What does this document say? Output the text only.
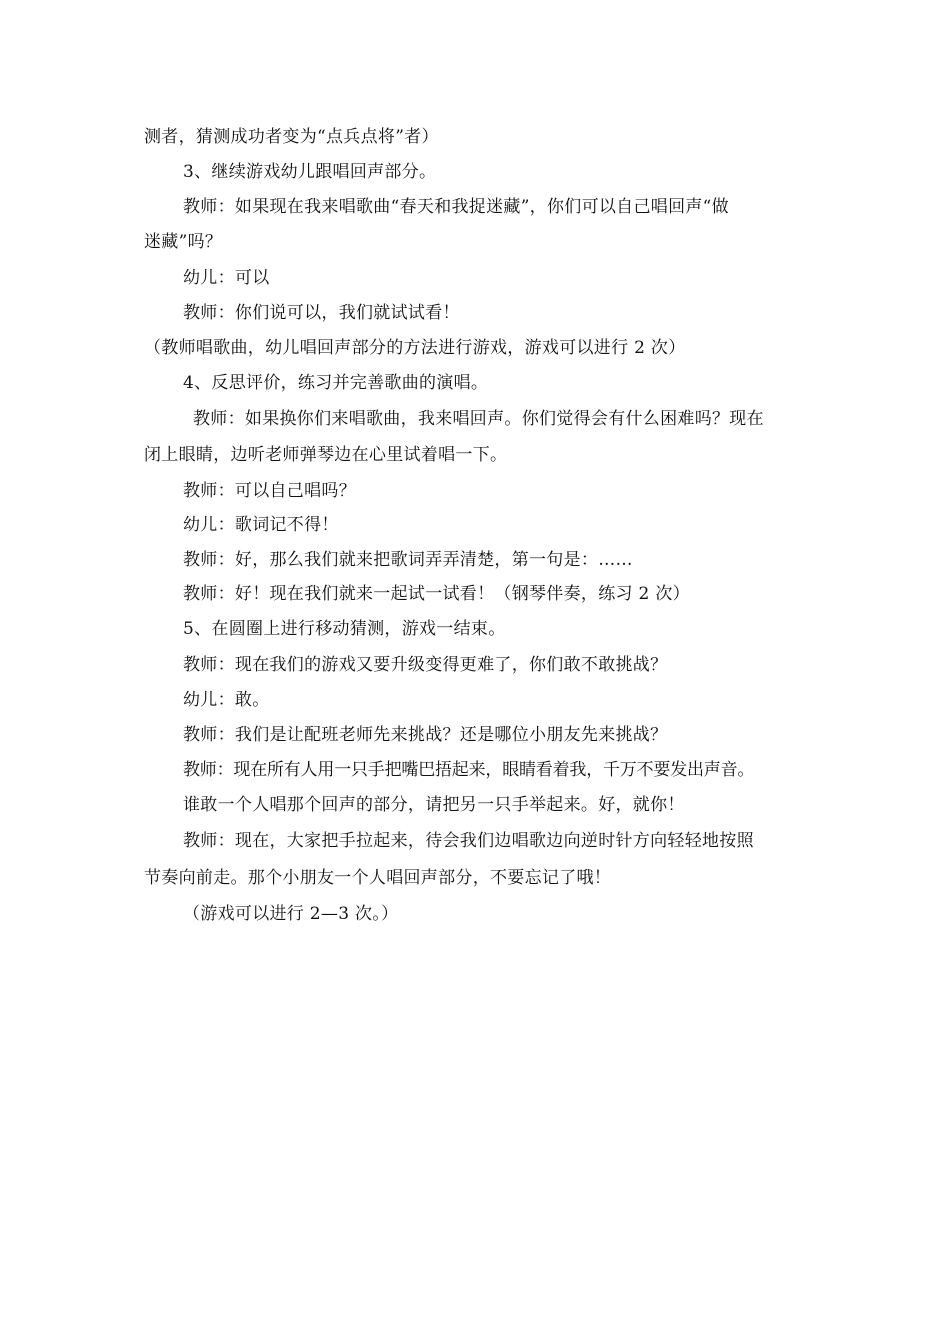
测者，猜测成功者变为“点兵点将”者）
3、继续游戏幼儿跟唱回声部分。
教师：如果现在我来唱歌曲“春天和我捉迷藏”，你们可以自己唱回声“做
迷藏”吗？
幼儿：可以
教师：你们说可以，我们就试试看！
（教师唱歌曲，幼儿唱回声部分的方法进行游戏，游戏可以进行 2 次）
4、反思评价，练习并完善歌曲的演唱。
教师：如果换你们来唱歌曲，我来唱回声。你们觉得会有什么困难吗？现在
闭上眼睛，边听老师弹琴边在心里试着唱一下。
教师：可以自己唱吗？
幼儿：歌词记不得！
教师：好，那么我们就来把歌词弄弄清楚，第一句是：……
教师：好！现在我们就来一起试一试看！（钢琴伴奏，练习 2 次）
5、在圆圈上进行移动猜测，游戏一结束。
教师：现在我们的游戏又要升级变得更难了，你们敢不敢挑战？
幼儿：敢。
教师：我们是让配班老师先来挑战？还是哪位小朋友先来挑战？
教师：现在所有人用一只手把嘴巴捂起来，眼睛看着我，千万不要发出声音。
谁敢一个人唱那个回声的部分，请把另一只手举起来。好，就你！
教师：现在，大家把手拉起来，待会我们边唱歌边向逆时针方向轻轻地按照
节奏向前走。那个小朋友一个人唱回声部分，不要忘记了哦！
（游戏可以进行 2—3 次。）
